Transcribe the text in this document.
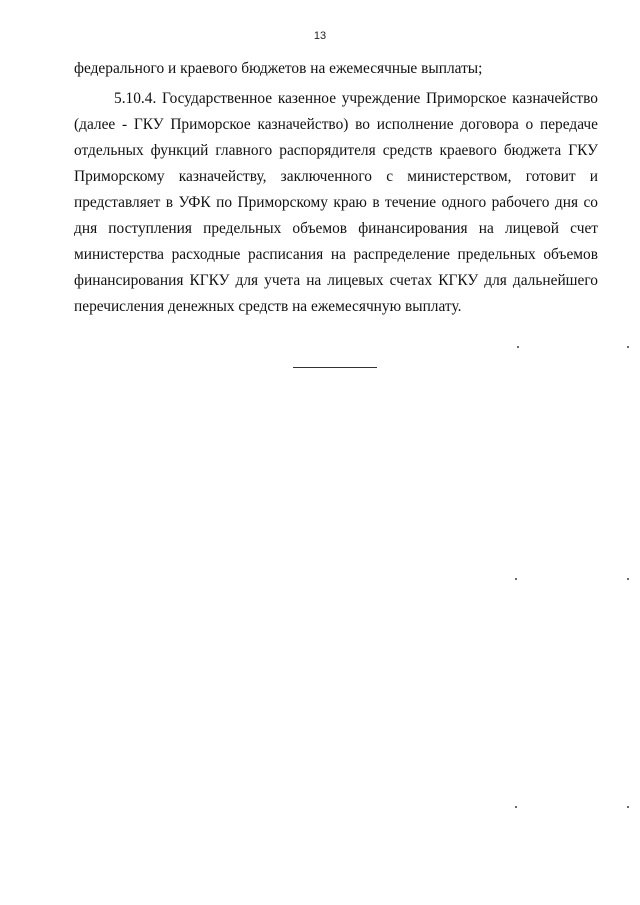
13
федерального и краевого бюджетов на ежемесячные выплаты;
5.10.4. Государственное казенное учреждение Приморское казначейство
(далее - ГКУ Приморское казначейство) во исполнение договора о передаче
отдельных функций главного распорядителя средств краевого бюджета ГКУ
Приморскому казначейству, заключенного с министерством, готовит и
представляет в УФК по Приморскому краю в течение одного рабочего дня со
дня поступления предельных объемов финансирования на лицевой счет
министерства расходные расписания на распределение предельных объемов
финансирования КГКУ для учета на лицевых счетах КГКУ для дальнейшего
перечисления денежных средств на ежемесячную выплату.
